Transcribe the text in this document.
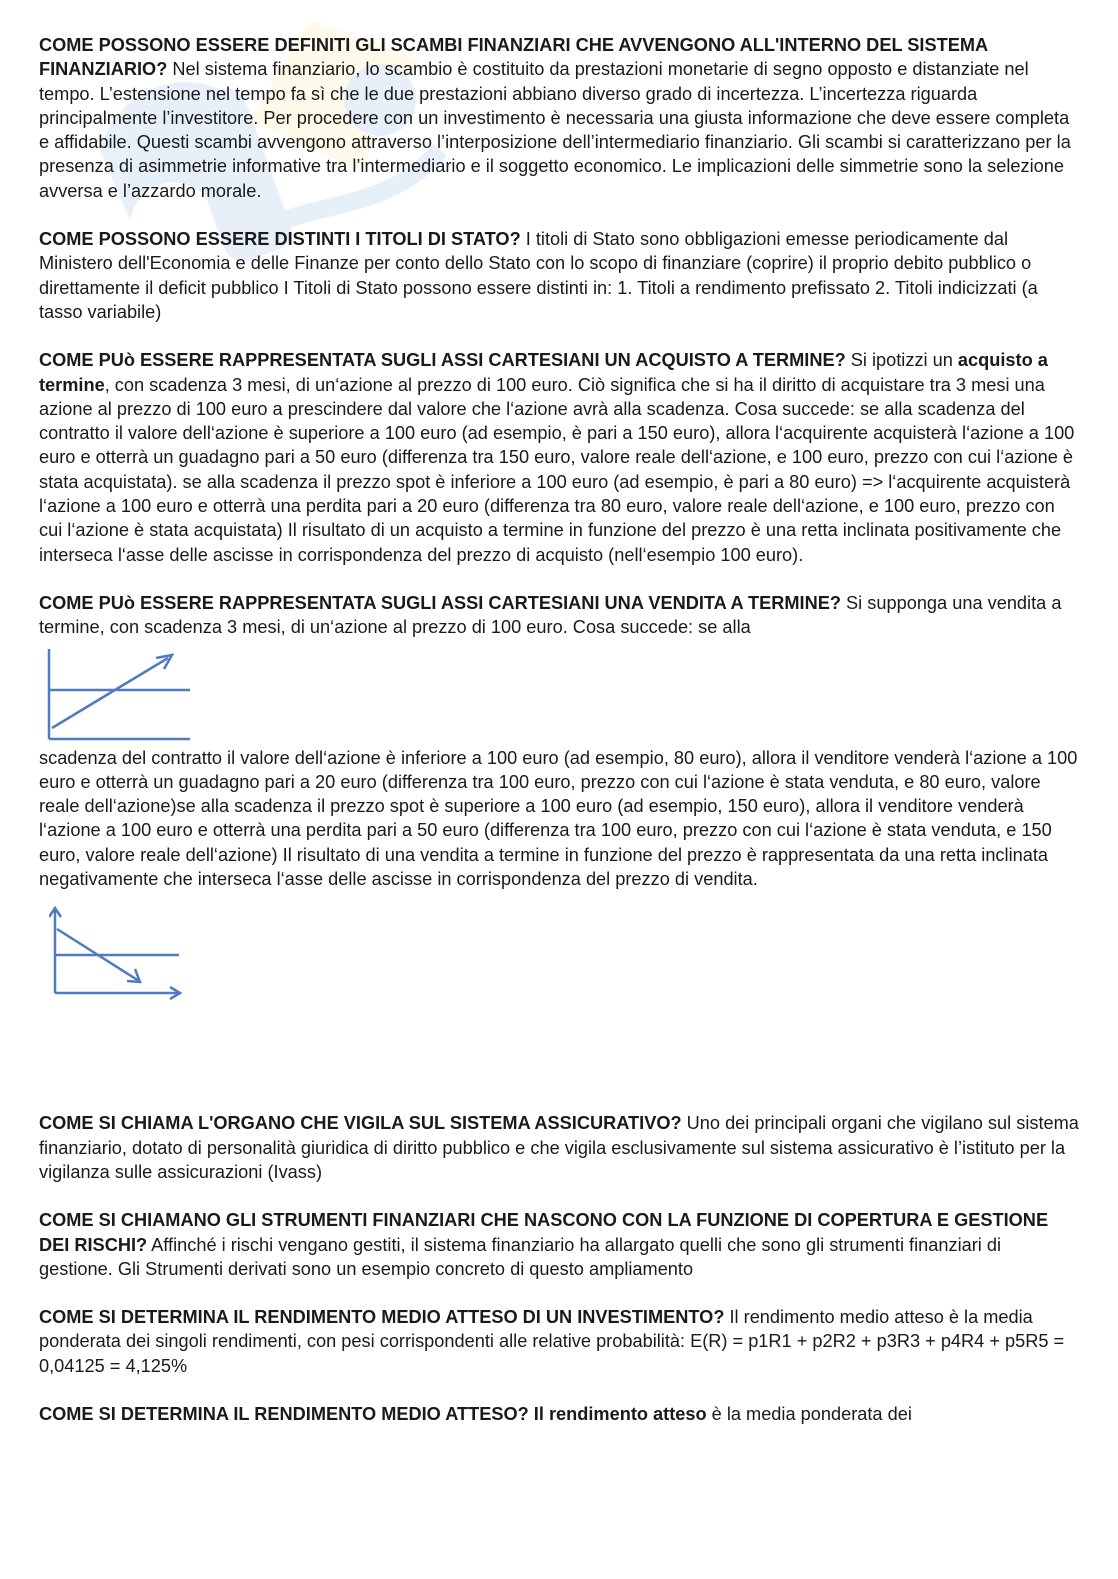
COME POSSONO ESSERE DEFINITI GLI SCAMBI FINANZIARI CHE AVVENGONO ALL'INTERNO DEL SISTEMA FINANZIARIO? Nel sistema finanziario, lo scambio è costituito da prestazioni monetarie di segno opposto e distanziate nel tempo. L’estensione nel tempo fa sì che le due prestazioni abbiano diverso grado di incertezza. L’incertezza riguarda principalmente l’investitore. Per procedere con un investimento è necessaria una giusta informazione che deve essere completa e affidabile. Questi scambi avvengono attraverso l’interposizione dell’intermediario finanziario. Gli scambi si caratterizzano per la presenza di asimmetrie informative tra l’intermediario e il soggetto economico. Le implicazioni delle simmetrie sono la selezione avversa e l’azzardo morale.

COME POSSONO ESSERE DISTINTI I TITOLI DI STATO? I titoli di Stato sono obbligazioni emesse periodicamente dal Ministero dell'Economia e delle Finanze per conto dello Stato con lo scopo di finanziare (coprire) il proprio debito pubblico o direttamente il deficit pubblico I Titoli di Stato possono essere distinti in: 1. Titoli a rendimento prefissato 2. Titoli indicizzati (a tasso variabile)

COME PUò ESSERE RAPPRESENTATA SUGLI ASSI CARTESIANI UN ACQUISTO A TERMINE? Si ipotizzi un acquisto a termine, con scadenza 3 mesi, di un‘azione al prezzo di 100 euro. Ciò significa che si ha il diritto di acquistare tra 3 mesi una azione al prezzo di 100 euro a prescindere dal valore che l‘azione avrà alla scadenza. Cosa succede: se alla scadenza del contratto il valore dell‘azione è superiore a 100 euro (ad esempio, è pari a 150 euro), allora l‘acquirente acquisterà l‘azione a 100 euro e otterrà un guadagno pari a 50 euro (differenza tra 150 euro, valore reale dell‘azione, e 100 euro, prezzo con cui l‘azione è stata acquistata). se alla scadenza il prezzo spot è inferiore a 100 euro (ad esempio, è pari a 80 euro) => l‘acquirente acquisterà l‘azione a 100 euro e otterrà una perdita pari a 20 euro (differenza tra 80 euro, valore reale dell‘azione, e 100 euro, prezzo con cui l‘azione è stata acquistata) Il risultato di un acquisto a termine in funzione del prezzo è una retta inclinata positivamente che interseca l‘asse delle ascisse in corrispondenza del prezzo di acquisto (nell‘esempio 100 euro).

COME PUò ESSERE RAPPRESENTATA SUGLI ASSI CARTESIANI UNA VENDITA A TERMINE? Si supponga una vendita a termine, con scadenza 3 mesi, di un‘azione al prezzo di 100 euro. Cosa succede: se alla
scadenza del contratto il valore dell‘azione è inferiore a 100 euro (ad esempio, 80 euro), allora il venditore venderà l‘azione a 100 euro e otterrà un guadagno pari a 20 euro (differenza tra 100 euro, prezzo con cui l‘azione è stata venduta, e 80 euro, valore reale dell‘azione)se alla scadenza il prezzo spot è superiore a 100 euro (ad esempio, 150 euro), allora il venditore venderà l‘azione a 100 euro e otterrà una perdita pari a 50 euro (differenza tra 100 euro, prezzo con cui l‘azione è stata venduta, e 150 euro, valore reale dell‘azione) Il risultato di una vendita a termine in funzione del prezzo è rappresentata da una retta inclinata negativamente che interseca l‘asse delle ascisse in corrispondenza del prezzo di vendita.

COME SI CHIAMA L'ORGANO CHE VIGILA SUL SISTEMA ASSICURATIVO? Uno dei principali organi che vigilano sul sistema finanziario, dotato di personalità giuridica di diritto pubblico e che vigila esclusivamente sul sistema assicurativo è l’istituto per la vigilanza sulle assicurazioni (Ivass)

COME SI CHIAMANO GLI STRUMENTI FINANZIARI CHE NASCONO CON LA FUNZIONE DI COPERTURA E GESTIONE DEI RISCHI? Affinché i rischi vengano gestiti, il sistema finanziario ha allargato quelli che sono gli strumenti finanziari di gestione. Gli Strumenti derivati sono un esempio concreto di questo ampliamento

COME SI DETERMINA IL RENDIMENTO MEDIO ATTESO DI UN INVESTIMENTO? Il rendimento medio atteso è la media ponderata dei singoli rendimenti, con pesi corrispondenti alle relative probabilità: E(R) = p1R1 + p2R2 + p3R3 + p4R4 + p5R5 = 0,04125 = 4,125%

COME SI DETERMINA IL RENDIMENTO MEDIO ATTESO? Il rendimento atteso è la media ponderata dei
